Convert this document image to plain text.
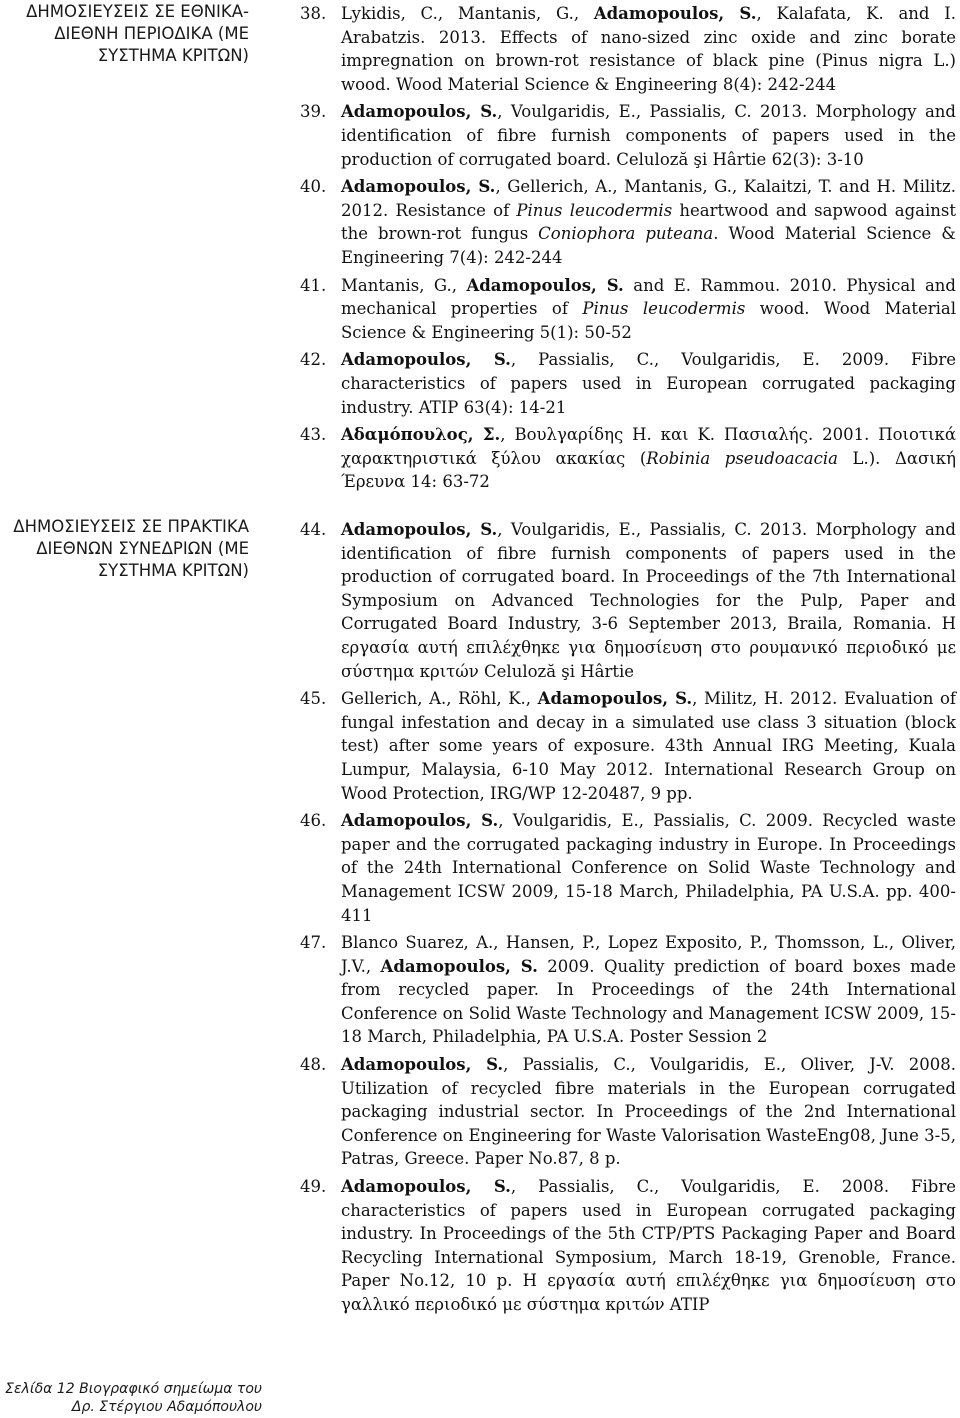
ΔΗΜΟΣΙΕΥΣΕΙΣ ΣΕ ΕΘΝΙΚΑ-
ΔΙΕΘΝΗ ΠΕΡΙΟΔΙΚΑ (ΜΕ
ΣΥΣΤΗΜΑ ΚΡΙΤΩΝ)
38. Lykidis, C., Mantanis, G., Adamopoulos, S., Kalafata, K. and I. Arabatzis. 2013. Effects of nano-sized zinc oxide and zinc borate impregnation on brown-rot resistance of black pine (Pinus nigra L.) wood. Wood Material Science & Engineering 8(4): 242-244
39. Adamopoulos, S., Voulgaridis, E., Passialis, C. 2013. Morphology and identification of fibre furnish components of papers used in the production of corrugated board. Celuloză şi Hârtie 62(3): 3-10
40. Adamopoulos, S., Gellerich, A., Mantanis, G., Kalaitzi, T. and H. Militz. 2012. Resistance of Pinus leucodermis heartwood and sapwood against the brown-rot fungus Coniophora puteana. Wood Material Science & Engineering 7(4): 242-244
41. Mantanis, G., Adamopoulos, S. and E. Rammou. 2010. Physical and mechanical properties of Pinus leucodermis wood. Wood Material Science & Engineering 5(1): 50-52
42. Adamopoulos, S., Passialis, C., Voulgaridis, E. 2009. Fibre characteristics of papers used in European corrugated packaging industry. ATIP 63(4): 14-21
43. Αδαμόπουλος, Σ., Βουλγαρίδης Η. και Κ. Πασιαλής. 2001. Ποιοτικά χαρακτηριστικά ξύλου ακακίας (Robinia pseudoacacia L.). Δασική Έρευνα 14: 63-72
ΔΗΜΟΣΙΕΥΣΕΙΣ ΣΕ ΠΡΑΚΤΙΚΑ
ΔΙΕΘΝΩΝ ΣΥΝΕΔΡΙΩΝ (ΜΕ
ΣΥΣΤΗΜΑ ΚΡΙΤΩΝ)
44. Adamopoulos, S., Voulgaridis, E., Passialis, C. 2013. Morphology and identification of fibre furnish components of papers used in the production of corrugated board. In Proceedings of the 7th International Symposium on Advanced Technologies for the Pulp, Paper and Corrugated Board Industry, 3-6 September 2013, Braila, Romania. Η εργασία αυτή επιλέχθηκε για δημοσίευση στο ρουμανικό περιοδικό με σύστημα κριτών Celuloză şi Hârtie
45. Gellerich, A., Röhl, K., Adamopoulos, S., Militz, H. 2012. Evaluation of fungal infestation and decay in a simulated use class 3 situation (block test) after some years of exposure. 43th Annual IRG Meeting, Kuala Lumpur, Malaysia, 6-10 May 2012. International Research Group on Wood Protection, IRG/WP 12-20487, 9 pp.
46. Adamopoulos, S., Voulgaridis, E., Passialis, C. 2009. Recycled waste paper and the corrugated packaging industry in Europe. In Proceedings of the 24th International Conference on Solid Waste Technology and Management ICSW 2009, 15-18 March, Philadelphia, PA U.S.A. pp. 400-411
47. Blanco Suarez, A., Hansen, P., Lopez Exposito, P., Thomsson, L., Oliver, J.V., Adamopoulos, S. 2009. Quality prediction of board boxes made from recycled paper. In Proceedings of the 24th International Conference on Solid Waste Technology and Management ICSW 2009, 15-18 March, Philadelphia, PA U.S.A. Poster Session 2
48. Adamopoulos, S., Passialis, C., Voulgaridis, E., Oliver, J-V. 2008. Utilization of recycled fibre materials in the European corrugated packaging industrial sector. In Proceedings of the 2nd International Conference on Engineering for Waste Valorisation WasteEng08, June 3-5, Patras, Greece. Paper No.87, 8 p.
49. Adamopoulos, S., Passialis, C., Voulgaridis, E. 2008. Fibre characteristics of papers used in European corrugated packaging industry. In Proceedings of the 5th CTP/PTS Packaging Paper and Board Recycling International Symposium, March 18-19, Grenoble, France. Paper No.12, 10 p. Η εργασία αυτή επιλέχθηκε για δημοσίευση στο γαλλικό περιοδικό με σύστημα κριτών ATIP
Σελίδα 12 Βιογραφικό σημείωμα του
Δρ. Στέργιου Αδαμόπουλου
